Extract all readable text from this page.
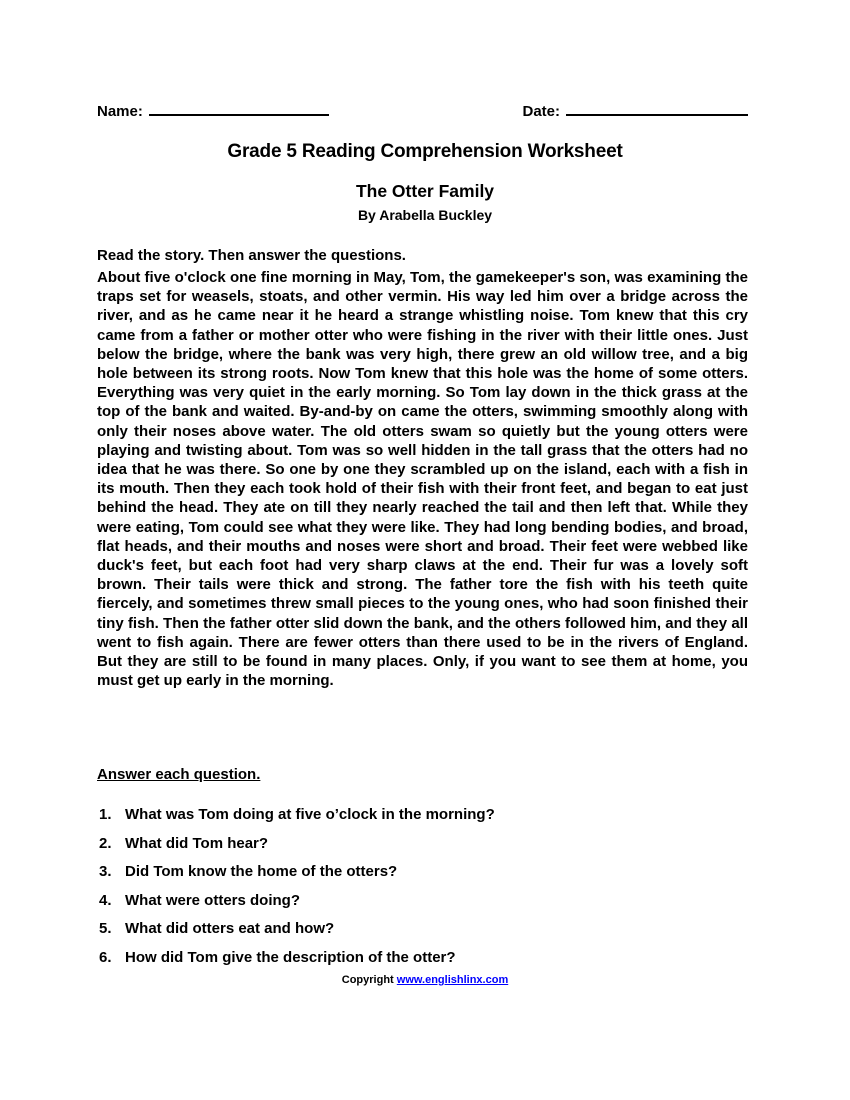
Name:	Date:
Grade 5 Reading Comprehension Worksheet
The Otter Family
By Arabella Buckley
Read the story. Then answer the questions.

About five o'clock one fine morning in May, Tom, the gamekeeper's son, was examining the traps set for weasels, stoats, and other vermin. His way led him over a bridge across the river, and as he came near it he heard a strange whistling noise. Tom knew that this cry came from a father or mother otter who were fishing in the river with their little ones. Just below the bridge, where the bank was very high, there grew an old willow tree, and a big hole between its strong roots. Now Tom knew that this hole was the home of some otters. Everything was very quiet in the early morning. So Tom lay down in the thick grass at the top of the bank and waited. By-and-by on came the otters, swimming smoothly along with only their noses above water. The old otters swam so quietly but the young otters were playing and twisting about. Tom was so well hidden in the tall grass that the otters had no idea that he was there. So one by one they scrambled up on the island, each with a fish in its mouth. Then they each took hold of their fish with their front feet, and began to eat just behind the head. They ate on till they nearly reached the tail and then left that. While they were eating, Tom could see what they were like. They had long bending bodies, and broad, flat heads, and their mouths and noses were short and broad. Their feet were webbed like duck's feet, but each foot had very sharp claws at the end. Their fur was a lovely soft brown. Their tails were thick and strong. The father tore the fish with his teeth quite fiercely, and sometimes threw small pieces to the young ones, who had soon finished their tiny fish. Then the father otter slid down the bank, and the others followed him, and they all went to fish again. There are fewer otters than there used to be in the rivers of England. But they are still to be found in many places. Only, if you want to see them at home, you must get up early in the morning.

Answer each question.
1. What was Tom doing at five o’clock in the morning?
2. What did Tom hear?
3. Did Tom know the home of the otters?
4. What were otters doing?
5. What did otters eat and how?
6. How did Tom give the description of the otter?
Copyright www.englishlinx.com
